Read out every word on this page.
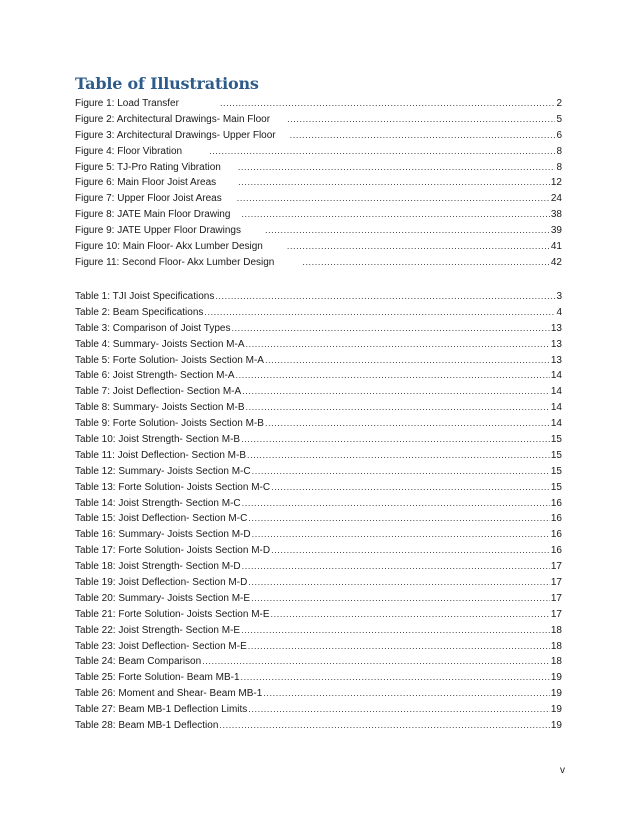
Table of Illustrations
Figure 1: Load Transfer .....	2
Figure 2: Architectural Drawings- Main Floor .....	5
Figure 3: Architectural Drawings- Upper Floor .....	6
Figure 4: Floor Vibration .....	8
Figure 5: TJ-Pro Rating Vibration .....	8
Figure 6: Main Floor Joist Areas .....	12
Figure 7: Upper Floor Joist Areas .....	24
Figure 8: JATE Main Floor Drawing .....	38
Figure 9: JATE Upper Floor Drawings .....	39
Figure 10: Main Floor- Akx Lumber Design .....	41
Figure 11: Second Floor- Akx Lumber Design .....	42
Table 1: TJI Joist Specifications .....	3
Table 2: Beam Specifications .....	4
Table 3: Comparison of Joist Types .....	13
Table 4: Summary- Joists Section M-A .....	13
Table 5: Forte Solution- Joists Section M-A .....	13
Table 6: Joist Strength- Section M-A .....	14
Table 7: Joist Deflection- Section M-A .....	14
Table 8: Summary- Joists Section M-B .....	14
Table 9: Forte Solution- Joists Section M-B .....	14
Table 10: Joist Strength- Section M-B .....	15
Table 11: Joist Deflection- Section M-B .....	15
Table 12: Summary- Joists Section M-C .....	15
Table 13: Forte Solution- Joists Section M-C .....	15
Table 14: Joist Strength- Section M-C .....	16
Table 15: Joist Deflection- Section M-C .....	16
Table 16: Summary- Joists Section M-D .....	16
Table 17: Forte Solution- Joists Section M-D .....	16
Table 18: Joist Strength- Section M-D .....	17
Table 19: Joist Deflection- Section M-D .....	17
Table 20: Summary- Joists Section M-E .....	17
Table 21: Forte Solution- Joists Section M-E .....	17
Table 22: Joist Strength- Section M-E .....	18
Table 23: Joist Deflection- Section M-E .....	18
Table 24: Beam Comparison .....	18
Table 25: Forte Solution- Beam MB-1 .....	19
Table 26: Moment and Shear- Beam MB-1 .....	19
Table 27: Beam MB-1 Deflection Limits .....	19
Table 28: Beam MB-1 Deflection .....	19
v
